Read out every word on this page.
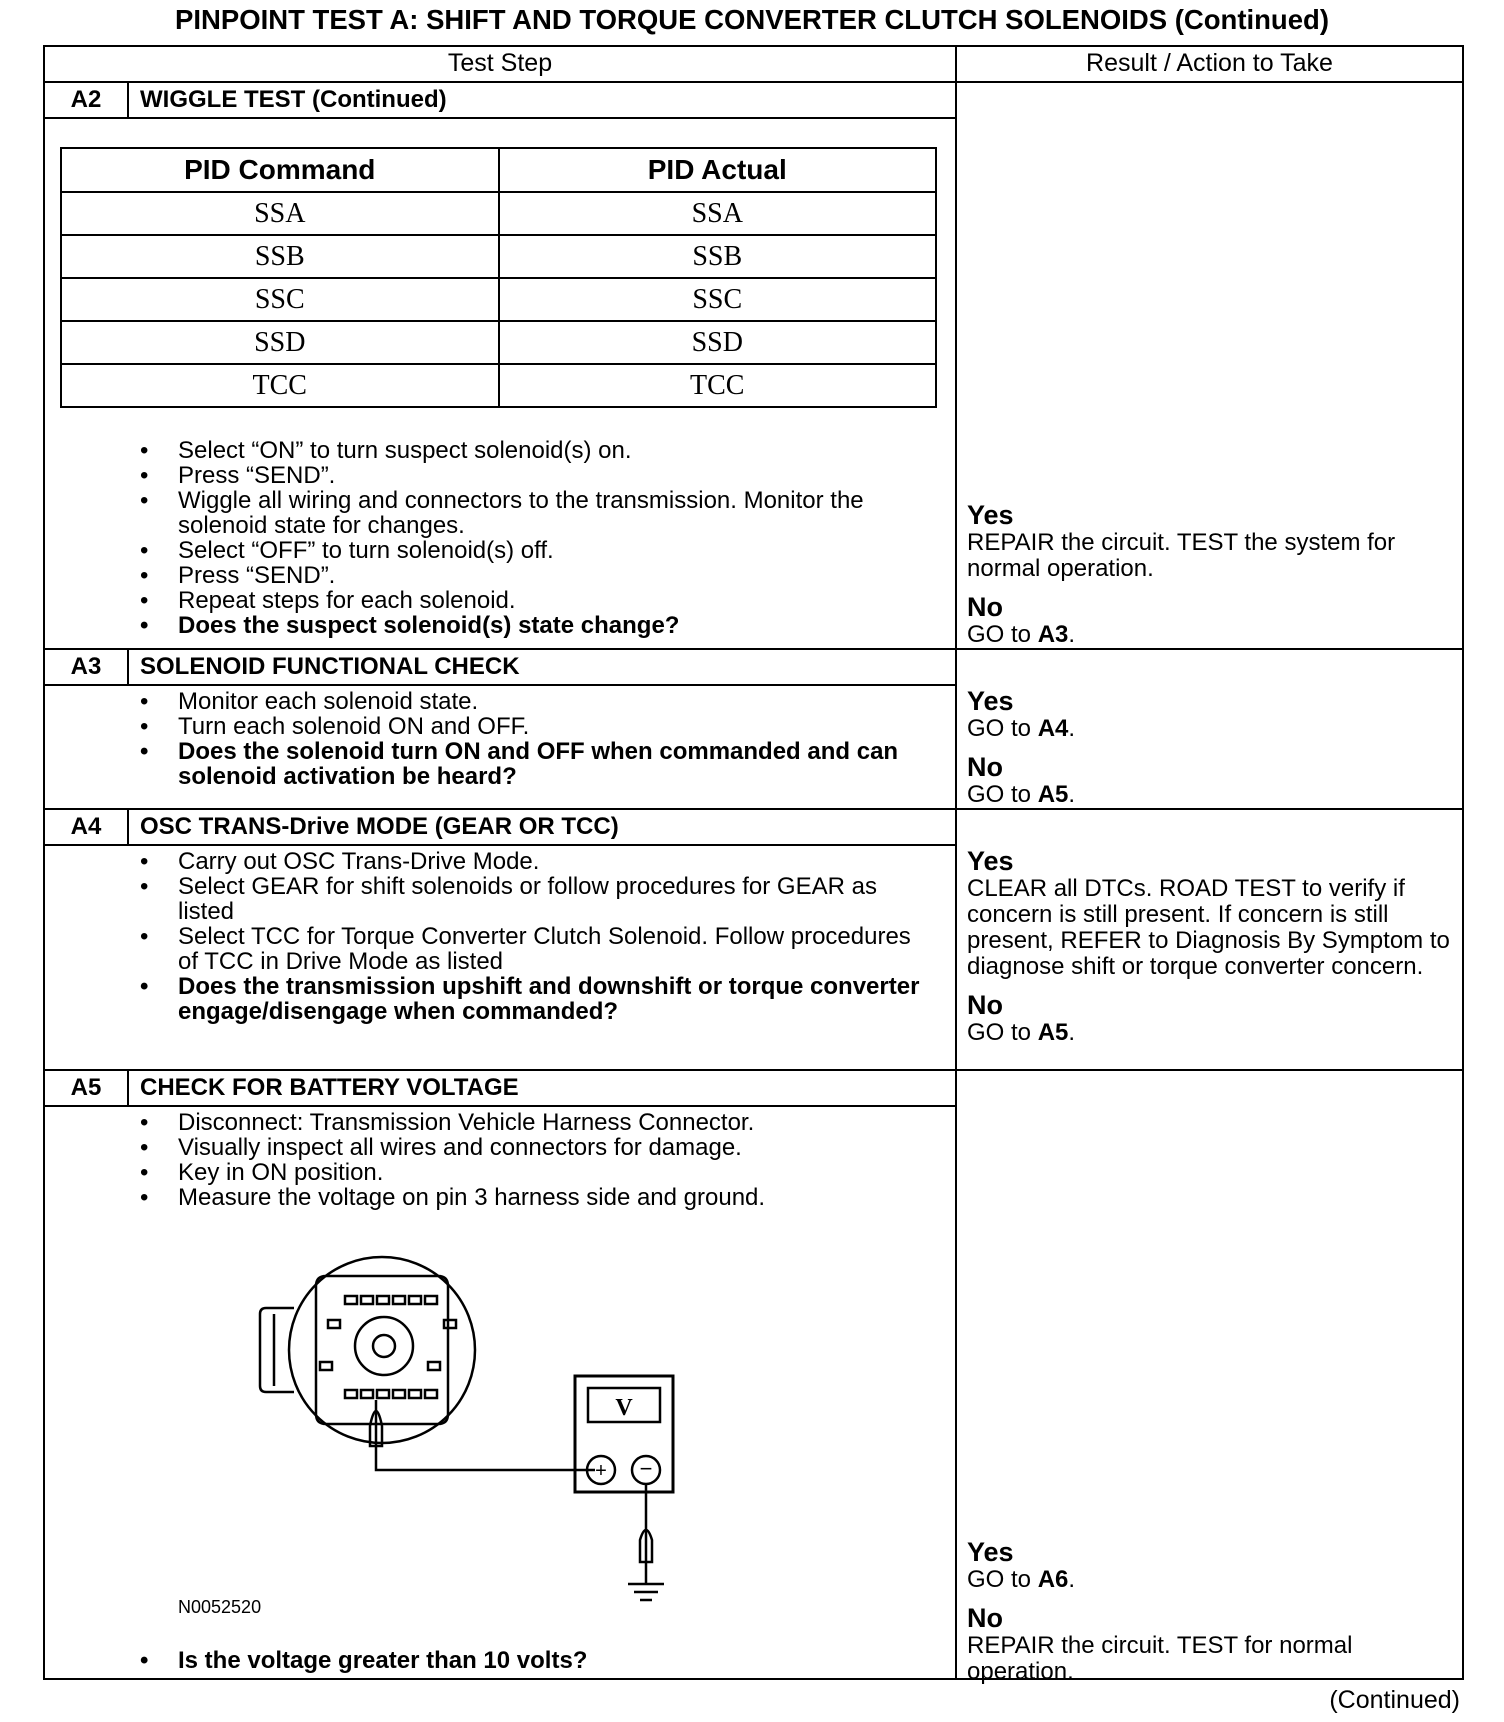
PINPOINT TEST A: SHIFT AND TORQUE CONVERTER CLUTCH SOLENOIDS (Continued)
Test Step	Result / Action to Take
A2	WIGGLE TEST (Continued)
PID Command	PID Actual
SSA	SSA
SSB	SSB
SSC	SSC
SSD	SSD
TCC	TCC
• Select “ON” to turn suspect solenoid(s) on.
• Press “SEND”.
• Wiggle all wiring and connectors to the transmission. Monitor the solenoid state for changes.
• Select “OFF” to turn solenoid(s) off.
• Press “SEND”.
• Repeat steps for each solenoid.
• Does the suspect solenoid(s) state change?
Yes
REPAIR the circuit. TEST the system for normal operation.
No
GO to A3.
A3	SOLENOID FUNCTIONAL CHECK
• Monitor each solenoid state.
• Turn each solenoid ON and OFF.
• Does the solenoid turn ON and OFF when commanded and can solenoid activation be heard?
Yes
GO to A4.
No
GO to A5.
A4	OSC TRANS-Drive MODE (GEAR OR TCC)
• Carry out OSC Trans-Drive Mode.
• Select GEAR for shift solenoids or follow procedures for GEAR as listed
• Select TCC for Torque Converter Clutch Solenoid. Follow procedures of TCC in Drive Mode as listed
• Does the transmission upshift and downshift or torque converter engage/disengage when commanded?
Yes
CLEAR all DTCs. ROAD TEST to verify if concern is still present. If concern is still present, REFER to Diagnosis By Symptom to diagnose shift or torque converter concern.
No
GO to A5.
A5	CHECK FOR BATTERY VOLTAGE
• Disconnect: Transmission Vehicle Harness Connector.
• Visually inspect all wires and connectors for damage.
• Key in ON position.
• Measure the voltage on pin 3 harness side and ground.
V
+ −
N0052520
• Is the voltage greater than 10 volts?
Yes
GO to A6.
No
REPAIR the circuit. TEST for normal operation.
(Continued)
